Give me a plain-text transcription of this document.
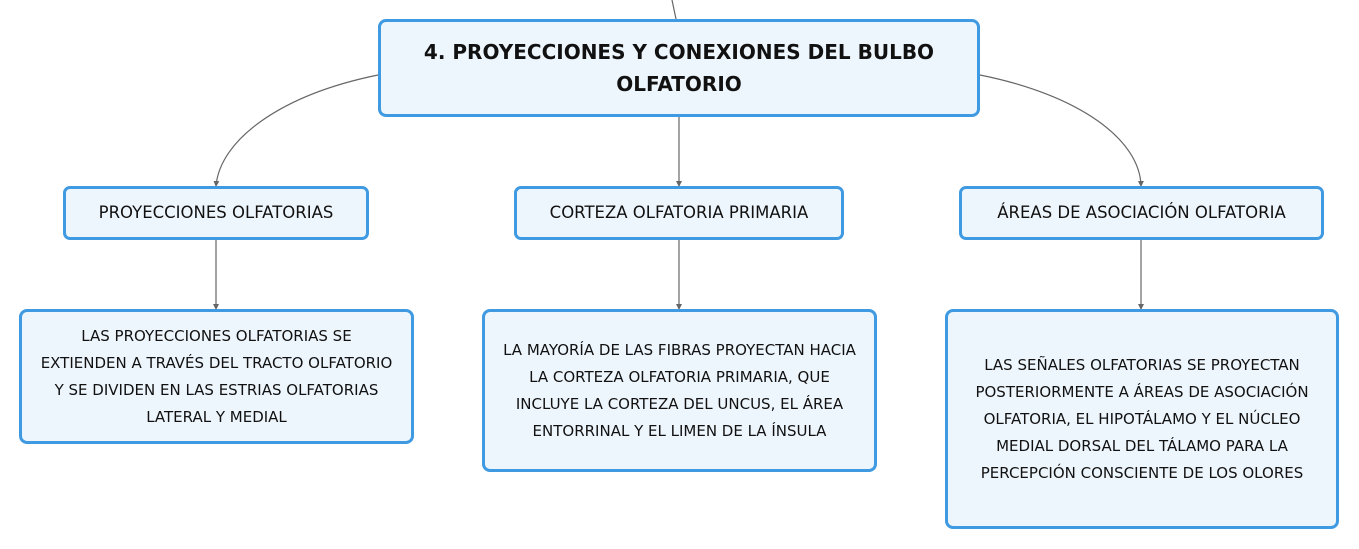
4. PROYECCIONES Y CONEXIONES DEL BULBO OLFATORIO
PROYECCIONES OLFATORIAS	CORTEZA OLFATORIA PRIMARIA	ÁREAS DE ASOCIACIÓN OLFATORIA
LAS PROYECCIONES OLFATORIAS SE EXTIENDEN A TRAVÉS DEL TRACTO OLFATORIO Y SE DIVIDEN EN LAS ESTRIAS OLFATORIAS LATERAL Y MEDIAL
LA MAYORÍA DE LAS FIBRAS PROYECTAN HACIA LA CORTEZA OLFATORIA PRIMARIA, QUE INCLUYE LA CORTEZA DEL UNCUS, EL ÁREA ENTORRINAL Y EL LIMEN DE LA ÍNSULA
LAS SEÑALES OLFATORIAS SE PROYECTAN POSTERIORMENTE A ÁREAS DE ASOCIACIÓN OLFATORIA, EL HIPOTÁLAMO Y EL NÚCLEO MEDIAL DORSAL DEL TÁLAMO PARA LA PERCEPCIÓN CONSCIENTE DE LOS OLORES
